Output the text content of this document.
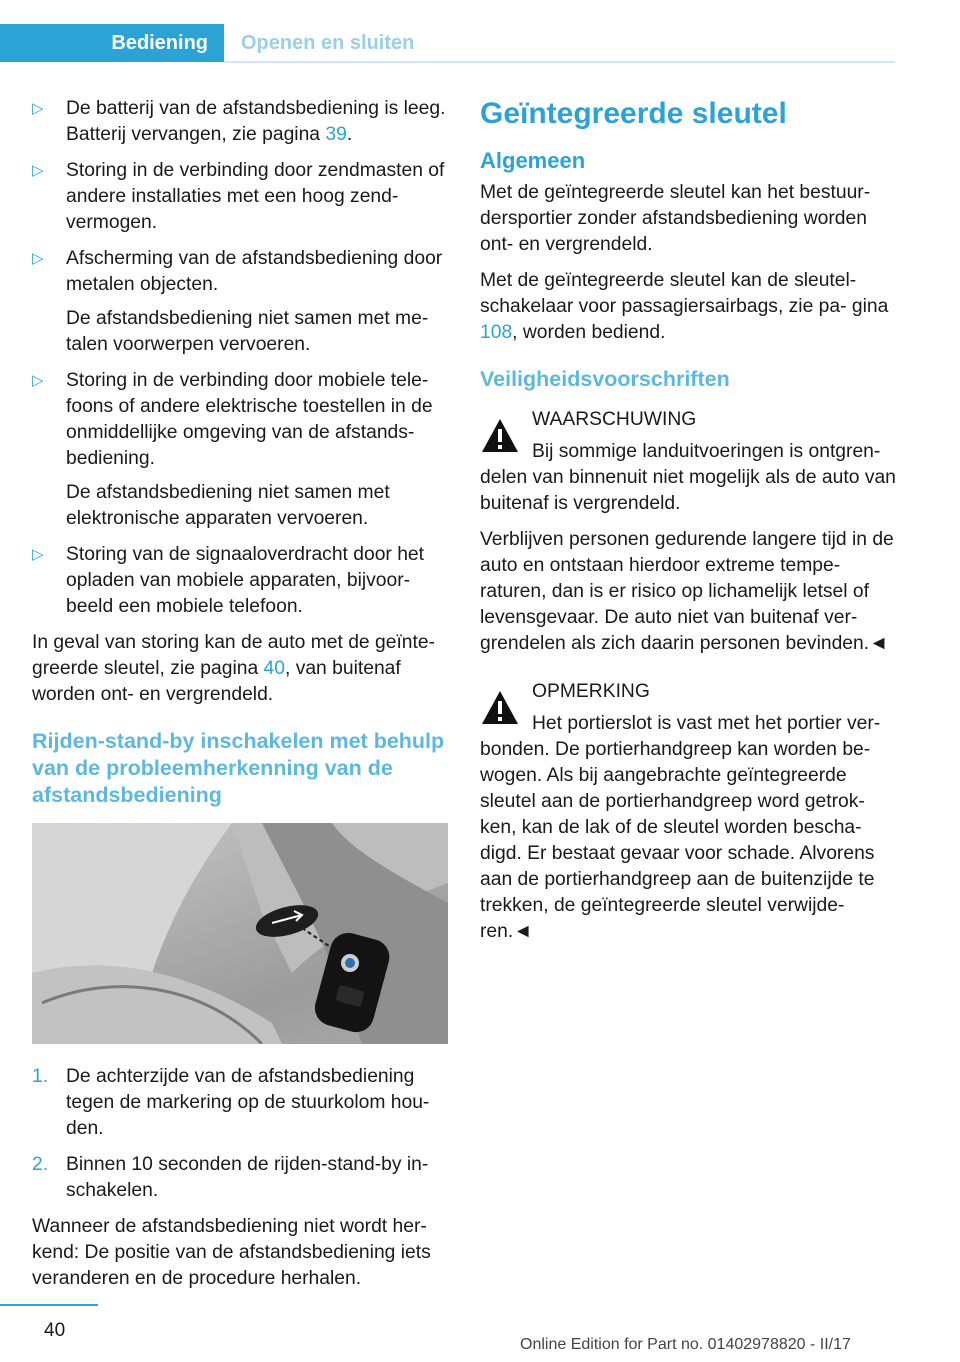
Bediening	Openen en sluiten
▷ De batterij van de afstandsbediening is leeg. Batterij vervangen, zie pagina 39.
▷ Storing in de verbinding door zendmasten of andere installaties met een hoog zend- vermogen.
▷ Afscherming van de afstandsbediening door metalen objecten.
De afstandsbediening niet samen met me- talen voorwerpen vervoeren.
▷ Storing in de verbinding door mobiele tele- foons of andere elektrische toestellen in de onmiddellijke omgeving van de afstands- bediening.
De afstandsbediening niet samen met elektronische apparaten vervoeren.
▷ Storing van de signaaloverdracht door het opladen van mobiele apparaten, bijvoor- beeld een mobiele telefoon.

In geval van storing kan de auto met de geïnte- greerde sleutel, zie pagina 40, van buitenaf worden ont- en vergrendeld.

Rijden-stand-by inschakelen met behulp van de probleemherkenning van de afstandsbediening
1. De achterzijde van de afstandsbediening tegen de markering op de stuurkolom hou- den.
2. Binnen 10 seconden de rijden-stand-by in- schakelen.

Wanneer de afstandsbediening niet wordt her- kend: De positie van de afstandsbediening iets veranderen en de procedure herhalen.

Geïntegreerde sleutel
Algemeen

Met de geïntegreerde sleutel kan het bestuur- dersportier zonder afstandsbediening worden ont- en vergrendeld.

Met de geïntegreerde sleutel kan de sleutel- schakelaar voor passagiersairbags, zie pa- gina 108, worden bediend.

Veiligheidsvoorschriften

WAARSCHUWING

Bij sommige landuitvoeringen is ontgren-

delen van binnenuit niet mogelijk als de auto van buitenaf is vergrendeld.

Verblijven personen gedurende langere tijd in de auto en ontstaan hierdoor extreme tempe- raturen, dan is er risico op lichamelijk letsel of levensgevaar. De auto niet van buitenaf ver- grendelen als zich daarin personen bevinden.◄

OPMERKING

Het portierslot is vast met het portier ver-

bonden. De portierhandgreep kan worden be- wogen. Als bij aangebrachte geïntegreerde sleutel aan de portierhandgreep word getrok- ken, kan de lak of de sleutel worden bescha- digd. Er bestaat gevaar voor schade. Alvorens aan de portierhandgreep aan de buitenzijde te trekken, de geïntegreerde sleutel verwijde- ren.◄

40
Online Edition for Part no. 01402978820 - II/17
